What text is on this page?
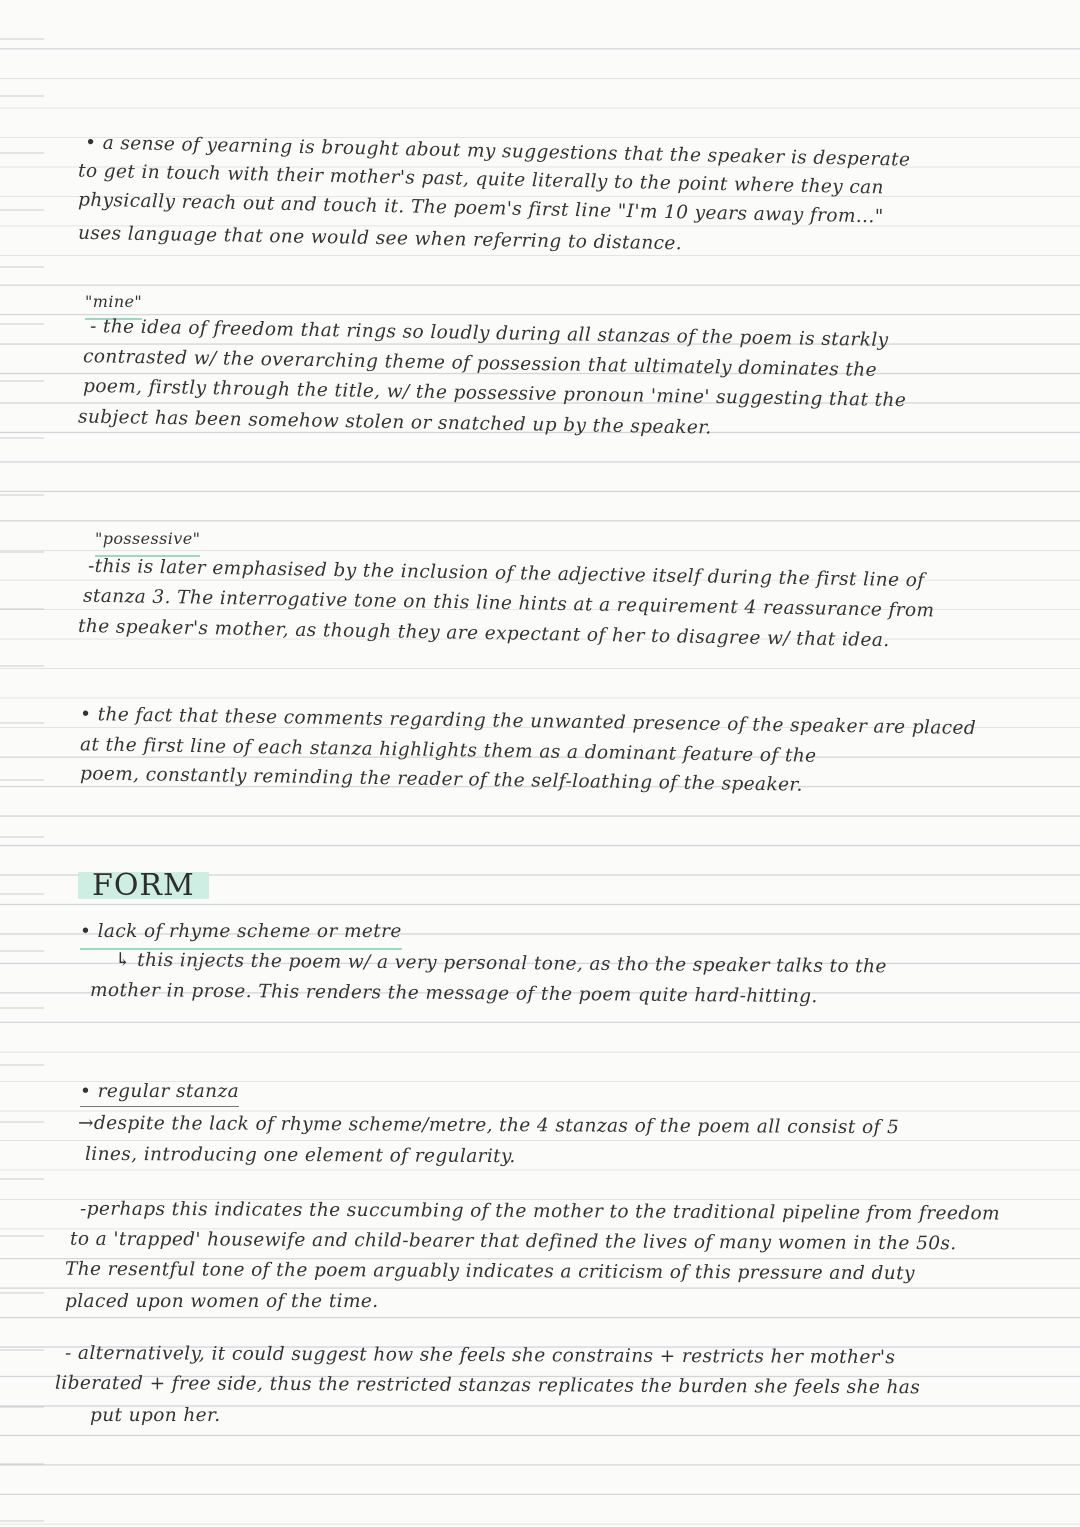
• a sense of yearning is brought about my suggestions that the speaker is desperate
to get in touch with their mother's past, quite literally to the point where they can
physically reach out and touch it. The poem's first line "I'm 10 years away from..."
uses language that one would see when referring to distance.
"mine"
- the idea of freedom that rings so loudly during all stanzas of the poem is starkly
contrasted w/ the overarching theme of possession that ultimately dominates the
poem, firstly through the title, w/ the possessive pronoun 'mine' suggesting that the
subject has been somehow stolen or snatched up by the speaker.
"possessive"
-this is later emphasised by the inclusion of the adjective itself during the first line of
stanza 3. The interrogative tone on this line hints at a requirement 4 reassurance from
the speaker's mother, as though they are expectant of her to disagree w/ that idea.
• the fact that these comments regarding the unwanted presence of the speaker are placed
at the first line of each stanza highlights them as a dominant feature of the
poem, constantly reminding the reader of the self-loathing of the speaker.
FORM
• lack of rhyme scheme or metre
↳ this injects the poem w/ a very personal tone, as tho the speaker talks to the
mother in prose. This renders the message of the poem quite hard-hitting.
• regular stanza
→despite the lack of rhyme scheme/metre, the 4 stanzas of the poem all consist of 5
lines, introducing one element of regularity.
-perhaps this indicates the succumbing of the mother to the traditional pipeline from freedom
to a 'trapped' housewife and child-bearer that defined the lives of many women in the 50s.
The resentful tone of the poem arguably indicates a criticism of this pressure and duty
placed upon women of the time.
- alternatively, it could suggest how she feels she constrains + restricts her mother's
liberated + free side, thus the restricted stanzas replicates the burden she feels she has
put upon her.
